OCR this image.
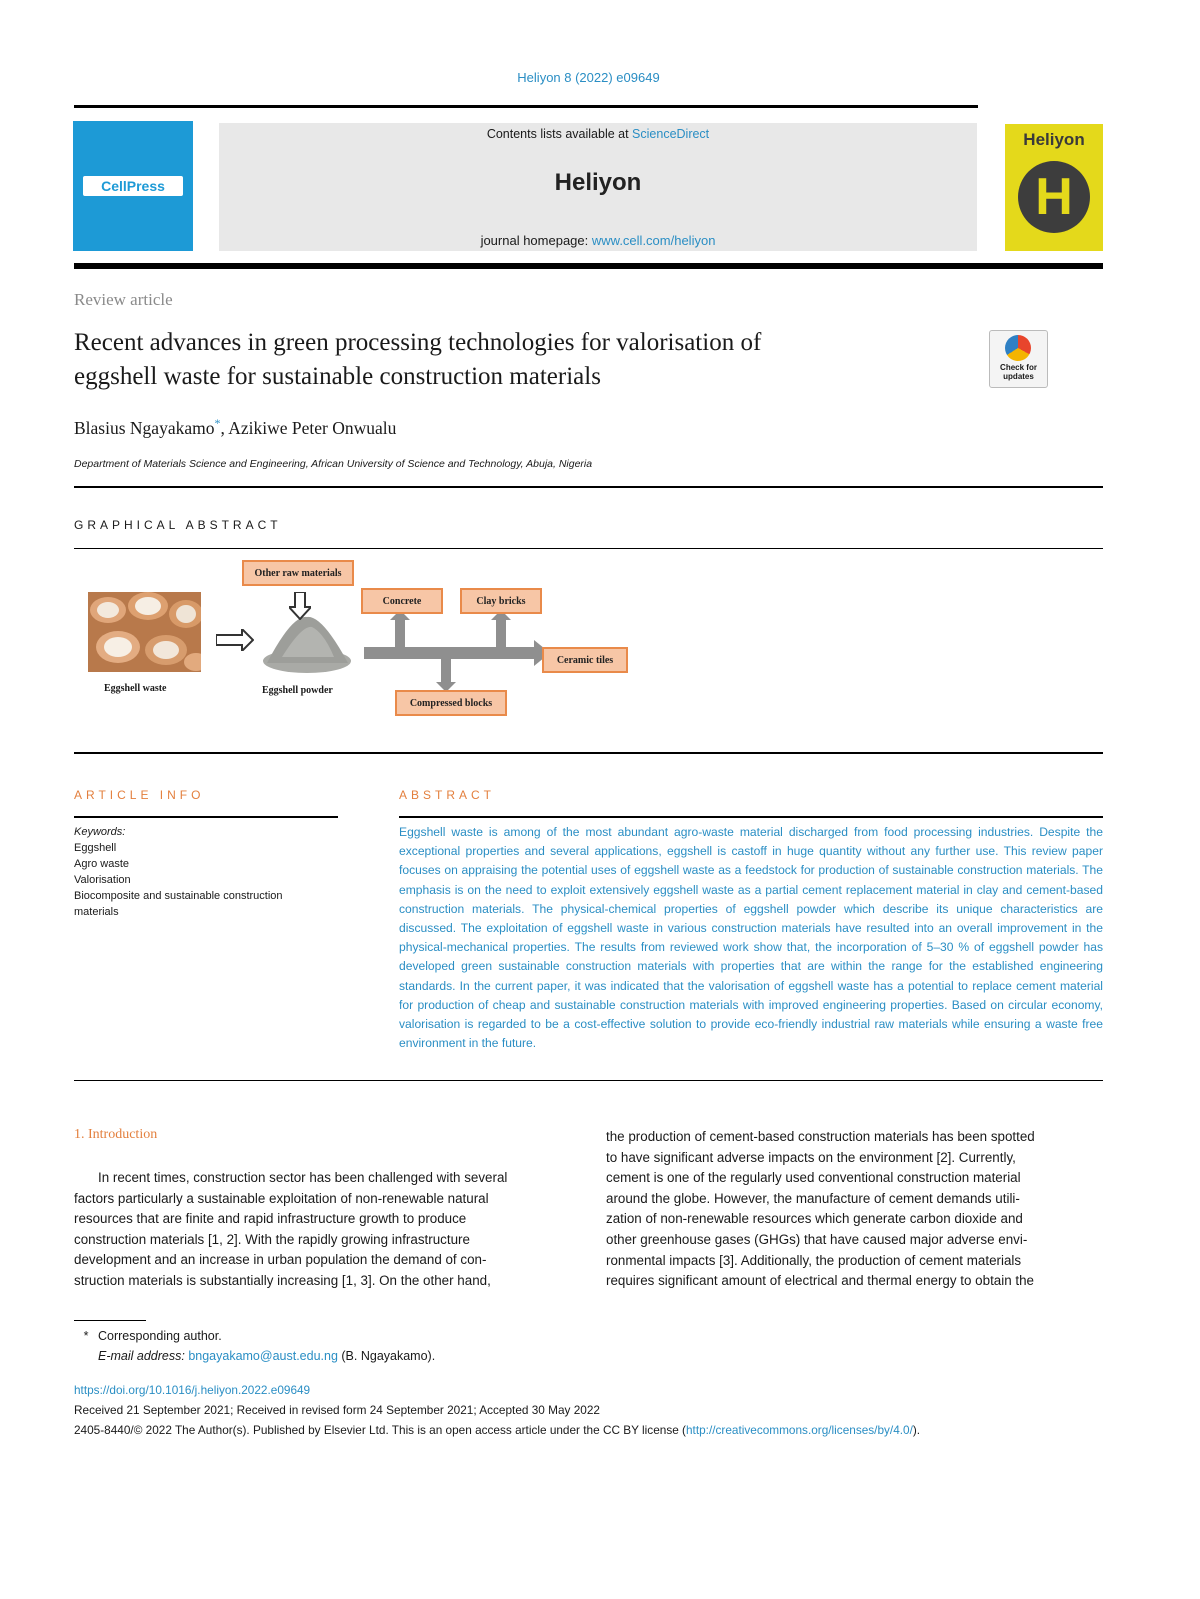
Heliyon 8 (2022) e09649
CellPress
Contents lists available at ScienceDirect
Heliyon
journal homepage: www.cell.com/heliyon
Heliyon
H
Review article
Recent advances in green processing technologies for valorisation of
eggshell waste for sustainable construction materials	Check for updates
Blasius Ngayakamo*, Azikiwe Peter Onwualu
Department of Materials Science and Engineering, African University of Science and Technology, Abuja, Nigeria
GRAPHICAL ABSTRACT
Eggshell waste	Eggshell powder
Other raw materials
Concrete	Clay bricks
Ceramic tiles
Compressed blocks
ARTICLE INFO
Keywords:
Eggshell
Agro waste
Valorisation
Biocomposite and sustainable construction
materials
ABSTRACT
Eggshell waste is among of the most abundant agro-waste material discharged from food processing industries. Despite the exceptional properties and several applications, eggshell is castoff in huge quantity without any further use. This review paper focuses on appraising the potential uses of eggshell waste as a feedstock for production of sustainable construction materials. The emphasis is on the need to exploit extensively eggshell waste as a partial cement replacement material in clay and cement-based construction materials. The physical-chemical properties of eggshell powder which describe its unique characteristics are discussed. The exploitation of eggshell waste in various construction materials have resulted into an overall improvement in the physical-mechanical properties. The results from reviewed work show that, the incorporation of 5–30 % of eggshell powder has developed green sustainable construction materials with properties that are within the range for the established engineering standards. In the current paper, it was indicated that the valorisation of eggshell waste has a potential to replace cement material for production of cheap and sustainable construction materials with improved engineering properties. Based on circular economy, valorisation is regarded to be a cost-effective solution to provide eco-friendly industrial raw materials while ensuring a waste free environment in the future.
1. Introduction
In recent times, construction sector has been challenged with several
factors particularly a sustainable exploitation of non-renewable natural
resources that are finite and rapid infrastructure growth to produce
construction materials [1, 2]. With the rapidly growing infrastructure
development and an increase in urban population the demand of con-
struction materials is substantially increasing [1, 3]. On the other hand,
the production of cement-based construction materials has been spotted
to have significant adverse impacts on the environment [2]. Currently,
cement is one of the regularly used conventional construction material
around the globe. However, the manufacture of cement demands utili-
zation of non-renewable resources which generate carbon dioxide and
other greenhouse gases (GHGs) that have caused major adverse envi-
ronmental impacts [3]. Additionally, the production of cement materials
requires significant amount of electrical and thermal energy to obtain the
* Corresponding author.
E-mail address: bngayakamo@aust.edu.ng (B. Ngayakamo).
https://doi.org/10.1016/j.heliyon.2022.e09649
Received 21 September 2021; Received in revised form 24 September 2021; Accepted 30 May 2022
2405-8440/© 2022 The Author(s). Published by Elsevier Ltd. This is an open access article under the CC BY license (http://creativecommons.org/licenses/by/4.0/).
